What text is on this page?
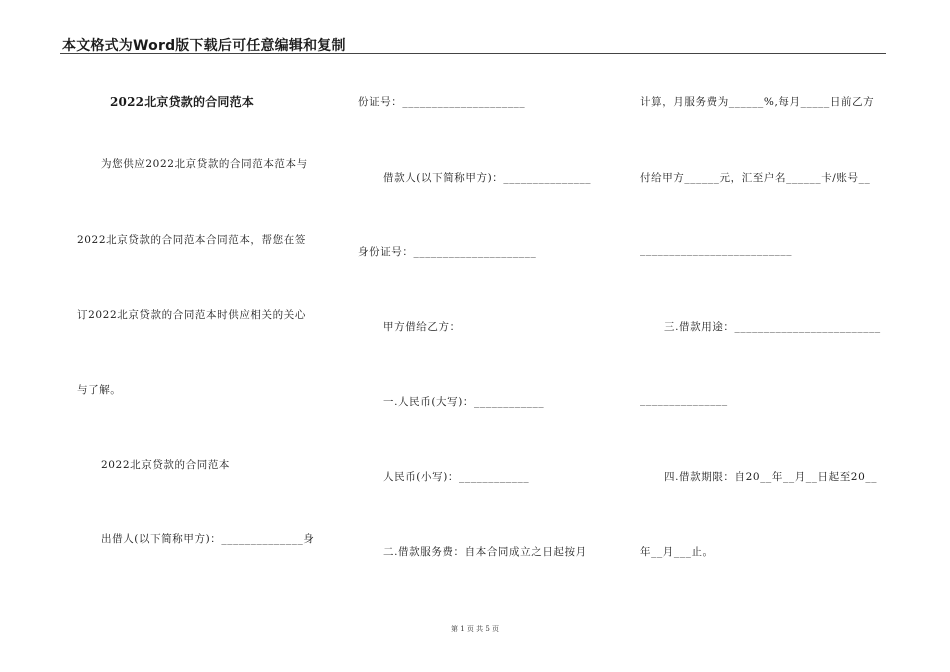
本文格式为Word版下载后可任意编辑和复制
2022北京贷款的合同范本
为您供应2022北京贷款的合同范本范本与
2022北京贷款的合同范本合同范本，帮您在签
订2022北京贷款的合同范本时供应相关的关心
与了解。
2022北京贷款的合同范本
出借人(以下简称甲方)：______________身
份证号：_____________________
借款人(以下简称甲方)：_______________
身份证号：_____________________
甲方借给乙方：
一.人民币(大写)：____________
人民币(小写)：____________
二.借款服务费：自本合同成立之日起按月
计算，月服务费为______%,每月_____日前乙方
付给甲方______元，汇至户名______卡/账号__
__________________________
三.借款用途：_________________________
_______________
四.借款期限：自20__年__月__日起至20__
年__月___止。
第 1 页 共 5 页
